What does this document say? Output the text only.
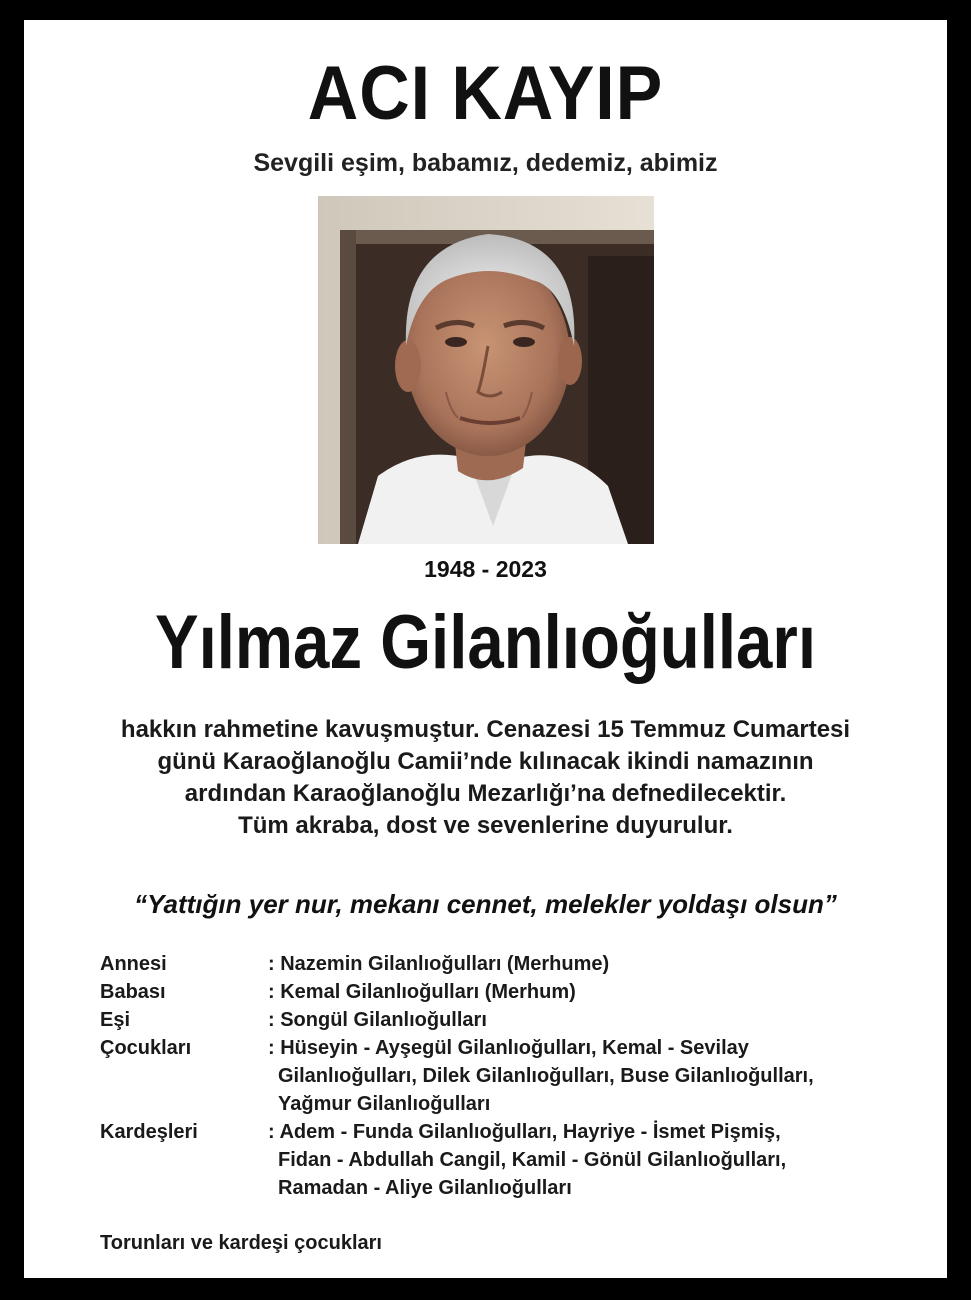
ACI KAYIP
Sevgili eşim, babamız, dedemiz, abimiz
1948 - 2023
Yılmaz Gilanlıoğulları
hakkın rahmetine kavuşmuştur. Cenazesi 15 Temmuz Cumartesi
günü Karaoğlanoğlu Camii’nde kılınacak ikindi namazının
ardından Karaoğlanoğlu Mezarlığı’na defnedilecektir.
Tüm akraba, dost ve sevenlerine duyurulur.
“Yattığın yer nur, mekanı cennet, melekler yoldaşı olsun”
Annesi	: Nazemin Gilanlıoğulları (Merhume)
Babası	: Kemal Gilanlıoğulları (Merhum)
Eşi	: Songül Gilanlıoğulları
Çocukları	: Hüseyin - Ayşegül Gilanlıoğulları, Kemal - Sevilay
Gilanlıoğulları, Dilek Gilanlıoğulları, Buse Gilanlıoğulları,
Yağmur Gilanlıoğulları
Kardeşleri	: Adem - Funda Gilanlıoğulları, Hayriye - İsmet Pişmiş,
Fidan - Abdullah Cangil, Kamil - Gönül Gilanlıoğulları,
Ramadan - Aliye Gilanlıoğulları
Torunları ve kardeşi çocukları
